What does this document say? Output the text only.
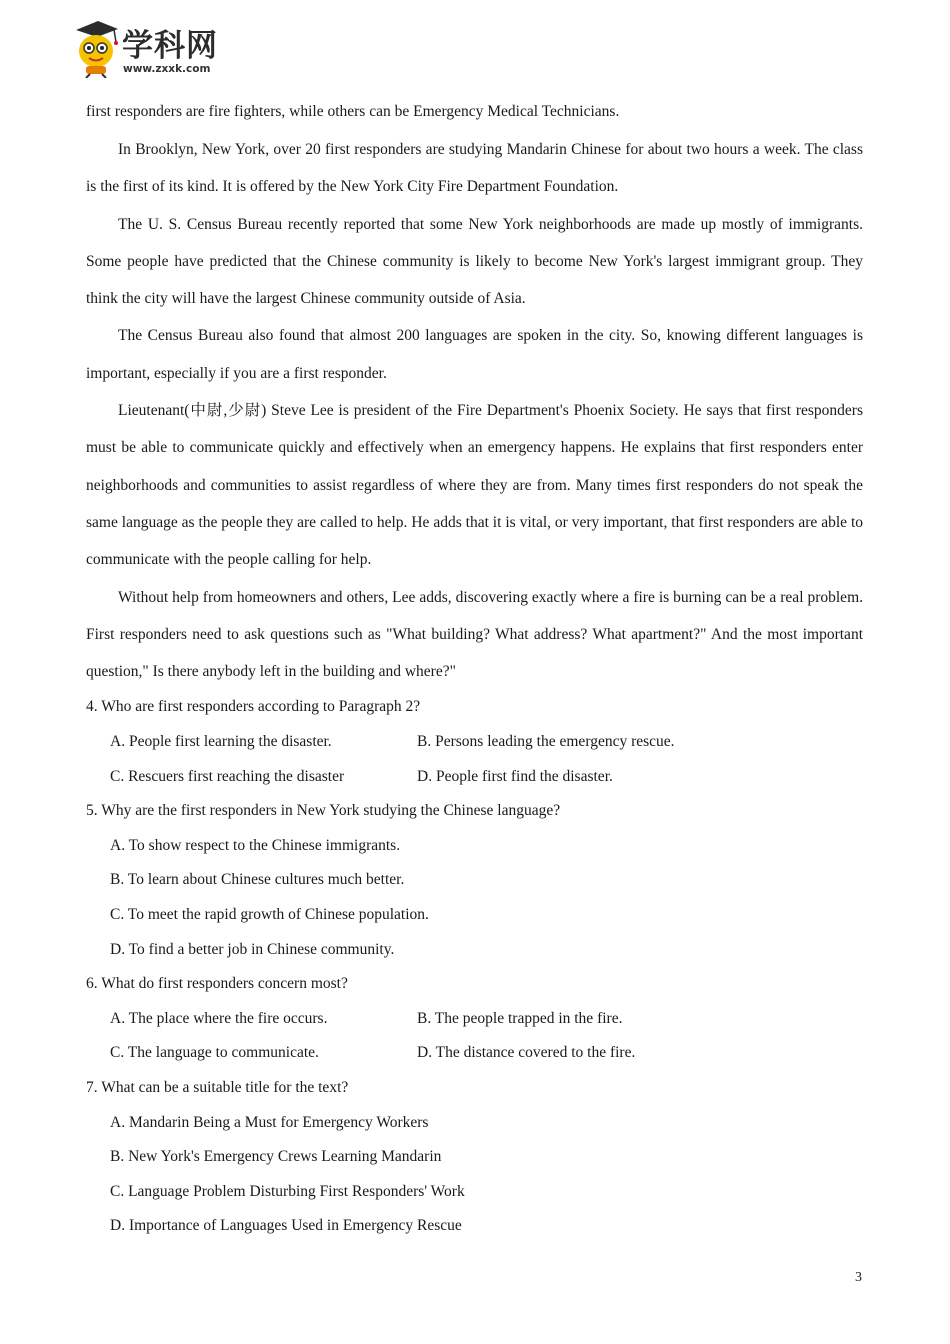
学科网
www.zxxk.com

first responders are fire fighters, while others can be Emergency Medical Technicians.

In Brooklyn, New York, over 20 first responders are studying Mandarin Chinese for about two hours a week. The class is the first of its kind. It is offered by the New York City Fire Department Foundation.

The U. S. Census Bureau recently reported that some New York neighborhoods are made up mostly of immigrants. Some people have predicted that the Chinese community is likely to become New York's largest immigrant group. They think the city will have the largest Chinese community outside of Asia.

The Census Bureau also found that almost 200 languages are spoken in the city. So, knowing different languages is important, especially if you are a first responder.

Lieutenant(中尉,少尉) Steve Lee is president of the Fire Department's Phoenix Society. He says that first responders must be able to communicate quickly and effectively when an emergency happens. He explains that first responders enter neighborhoods and communities to assist regardless of where they are from. Many times first responders do not speak the same language as the people they are called to help. He adds that it is vital, or very important, that first responders are able to communicate with the people calling for help.

Without help from homeowners and others, Lee adds, discovering exactly where a fire is burning can be a real problem. First responders need to ask questions such as "What building? What address? What apartment?" And the most important question," Is there anybody left in the building and where?"

4. Who are first responders according to Paragraph 2?

A. People first learning the disaster.	B. Persons leading the emergency rescue.
C. Rescuers first reaching the disaster	D. People first find the disaster.

5. Why are the first responders in New York studying the Chinese language?

A. To show respect to the Chinese immigrants.

B. To learn about Chinese cultures much better.

C. To meet the rapid growth of Chinese population.

D. To find a better job in Chinese community.

6. What do first responders concern most?

A. The place where the fire occurs.	B. The people trapped in the fire.
C. The language to communicate.	D. The distance covered to the fire.

7. What can be a suitable title for the text?

A. Mandarin Being a Must for Emergency Workers

B. New York's Emergency Crews Learning Mandarin

C. Language Problem Disturbing First Responders' Work

D. Importance of Languages Used in Emergency Rescue

3
